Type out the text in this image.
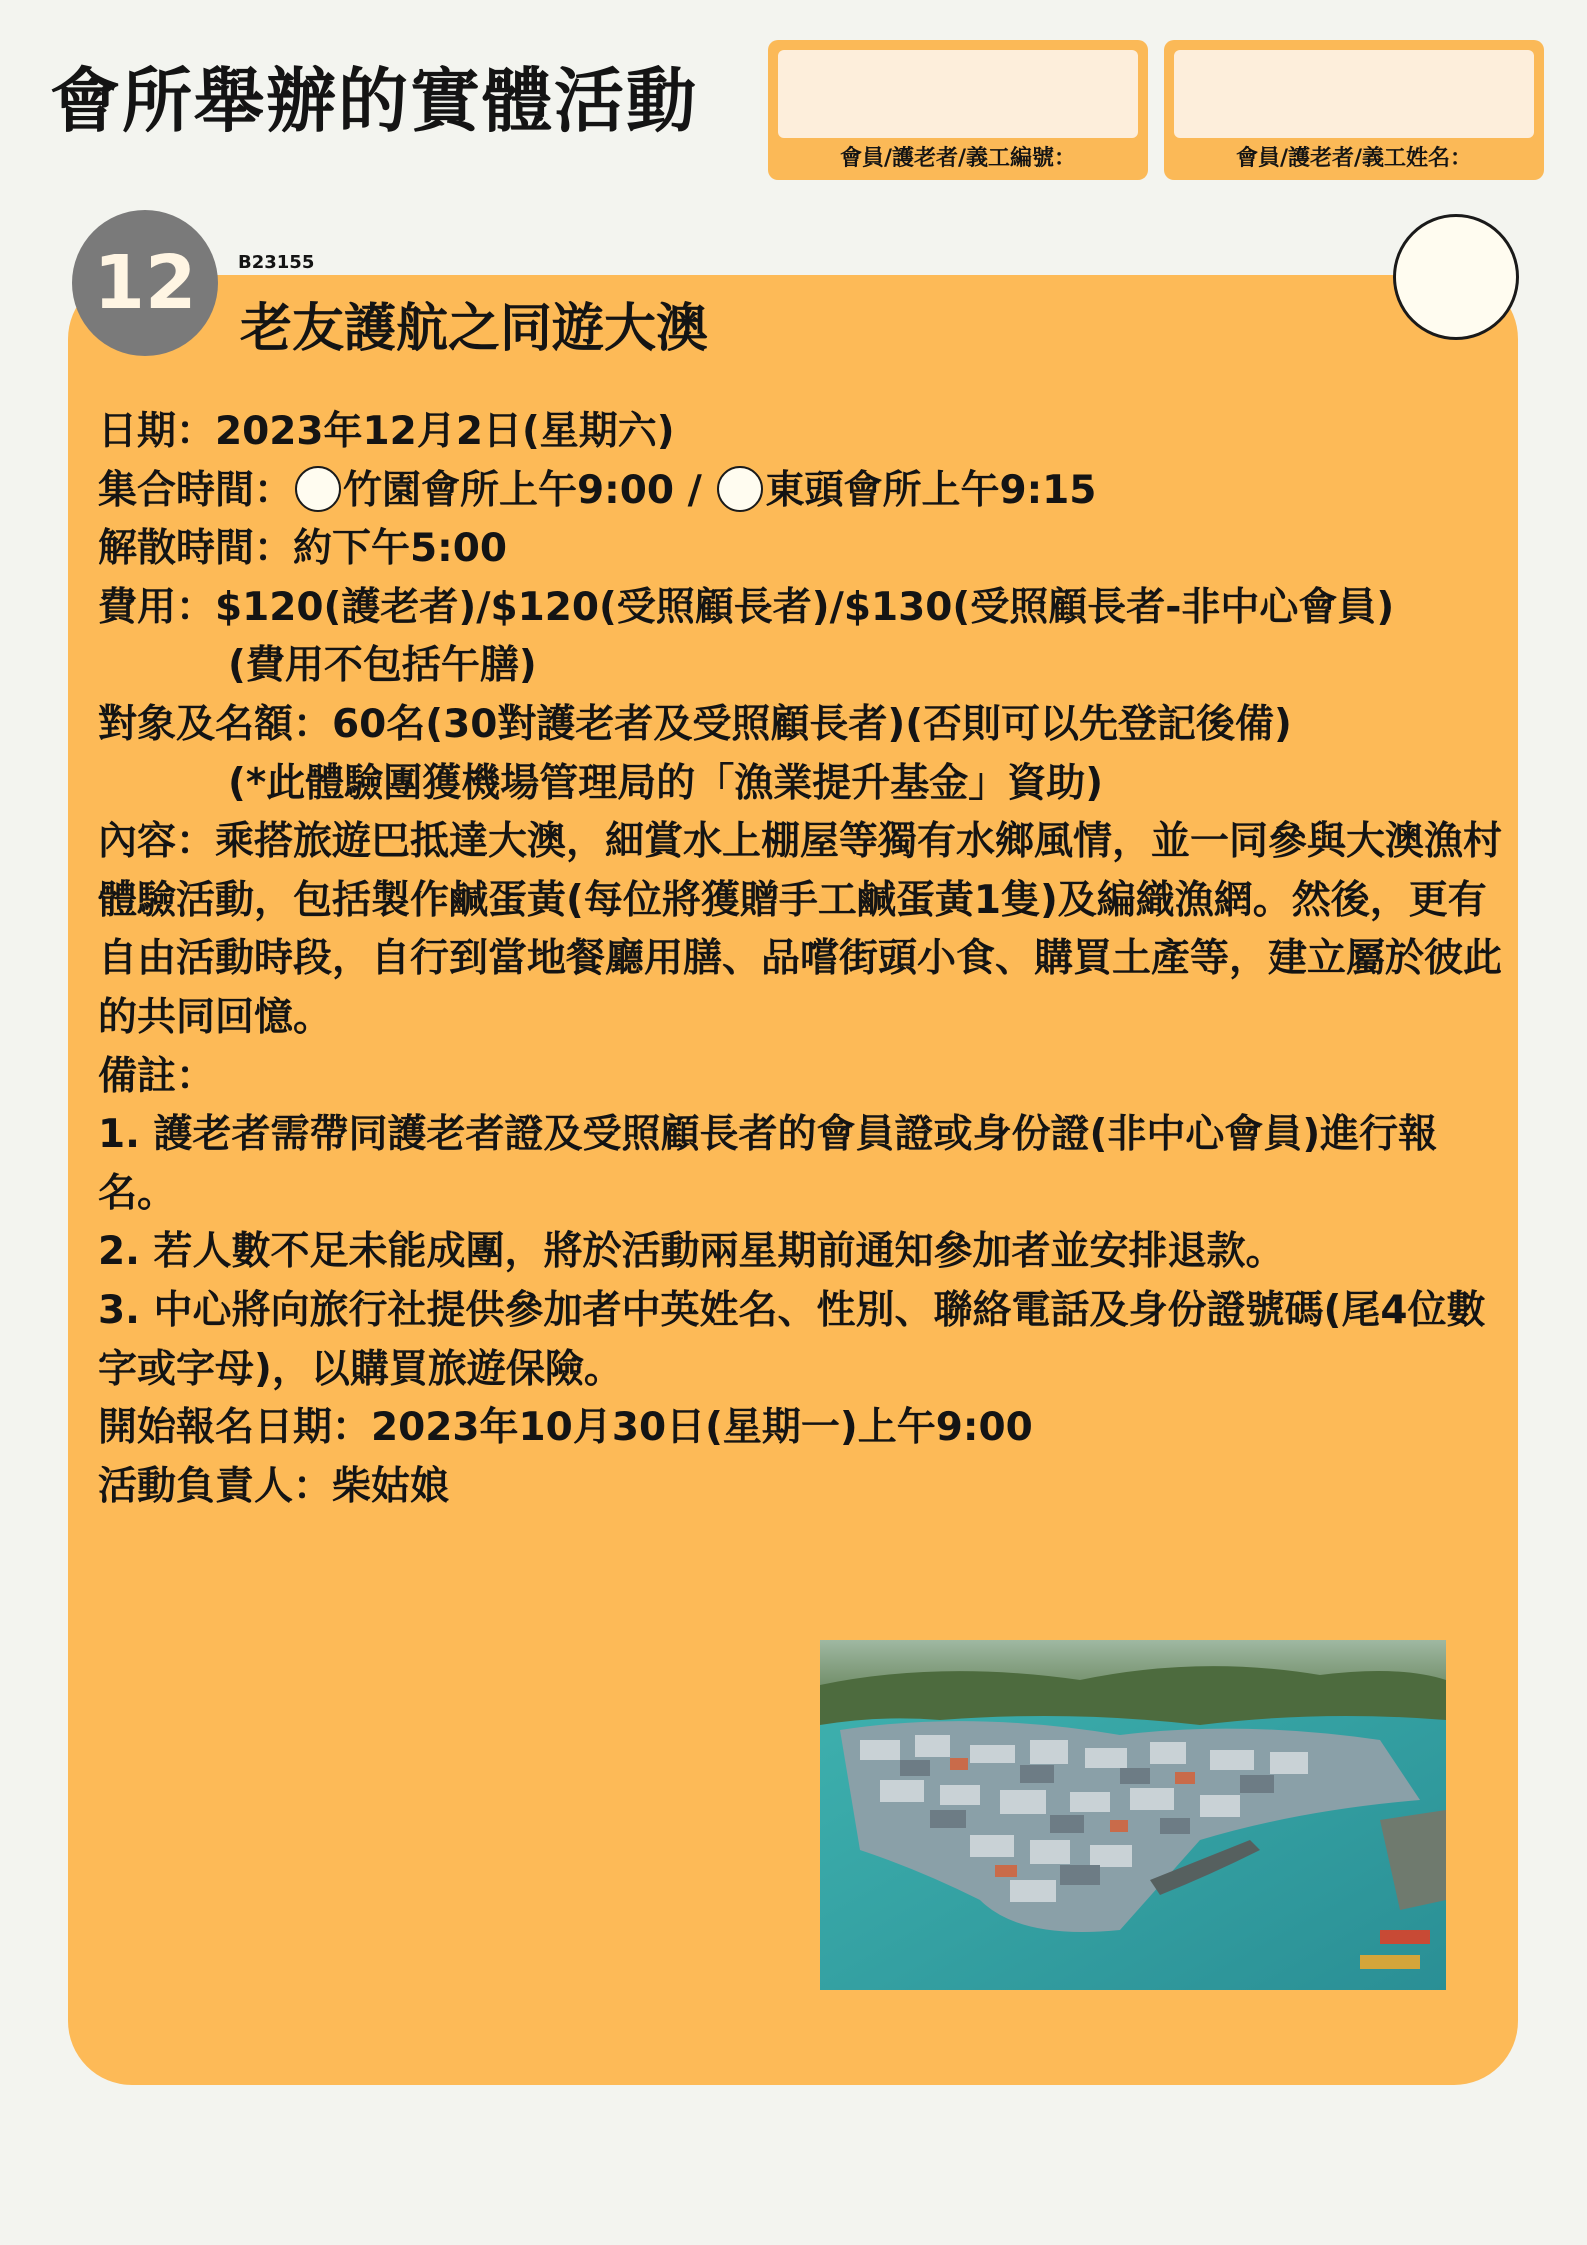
會所舉辦的實體活動
會員/護老者/義工編號：	會員/護老者/義工姓名：
12	B23155
老友護航之同遊大澳

日期：2023年12月2日(星期六)

集合時間： 竹園會所上午9:00 / 東頭會所上午9:15

解散時間：約下午5:00

費用：$120(護老者)/$120(受照顧長者)/$130(受照顧長者-非中心會員)

(費用不包括午膳)

對象及名額：60名(30對護老者及受照顧長者)(否則可以先登記後備)

(*此體驗團獲機場管理局的「漁業提升基金」資助)

內容：乘搭旅遊巴抵達大澳，細賞水上棚屋等獨有水鄉風情，並一同參與大澳漁村體驗活動，包括製作鹹蛋黃(每位將獲贈手工鹹蛋黃1隻)及編織漁網。然後，更有自由活動時段，自行到當地餐廳用膳、品嚐街頭小食、購買土產等，建立屬於彼此的共同回憶。

備註：

1. 護老者需帶同護老者證及受照顧長者的會員證或身份證(非中心會員)進行報名。

2. 若人數不足未能成團，將於活動兩星期前通知參加者並安排退款。

3. 中心將向旅行社提供參加者中英姓名、性別、聯絡電話及身份證號碼(尾4位數字或字母)，以購買旅遊保險。

開始報名日期：2023年10月30日(星期一)上午9:00

活動負責人：柴姑娘
